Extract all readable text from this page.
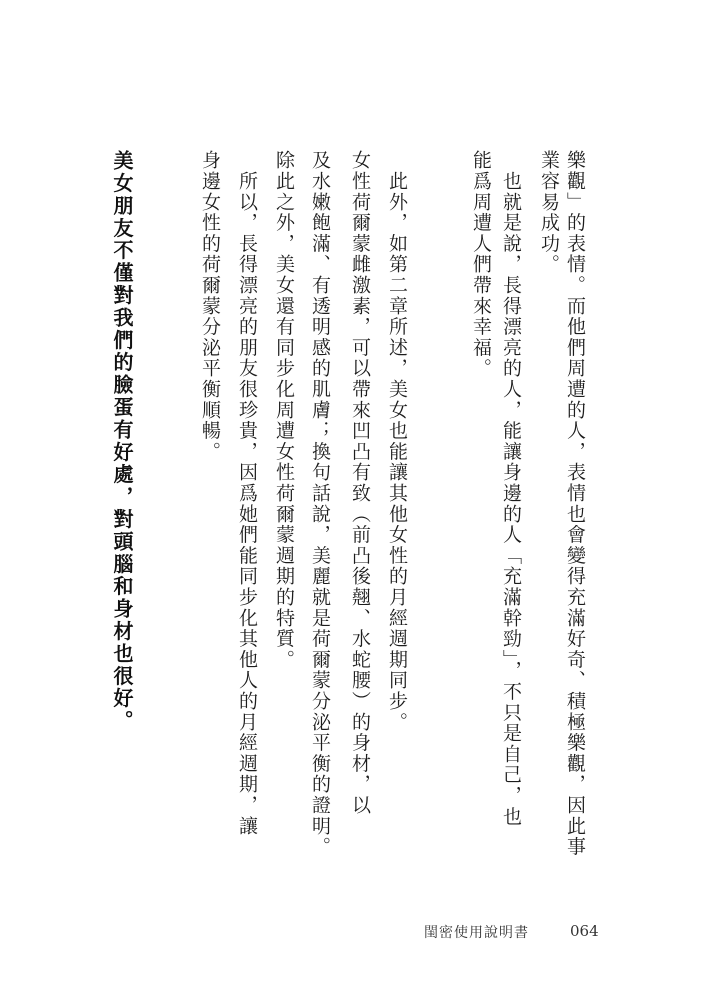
樂觀」的表情。而他們周遭的人，表情也會變得充滿好奇、積極樂觀，因此事
業容易成功。
　也就是說，長得漂亮的人，能讓身邊的人「充滿幹勁」，不只是自己，也
能爲周遭人們帶來幸福。
　此外，如第二章所述，美女也能讓其他女性的月經週期同步。
女性荷爾蒙雌激素，可以帶來凹凸有致（前凸後翹、水蛇腰）的身材，以
及水嫩飽滿、有透明感的肌膚；換句話說，美麗就是荷爾蒙分泌平衡的證明。
除此之外，美女還有同步化周遭女性荷爾蒙週期的特質。
　所以，長得漂亮的朋友很珍貴，因爲她們能同步化其他人的月經週期，讓
身邊女性的荷爾蒙分泌平衡順暢。
美女朋友不僅對我們的臉蛋有好處，對頭腦和身材也很好。
閨密使用說明書	064
